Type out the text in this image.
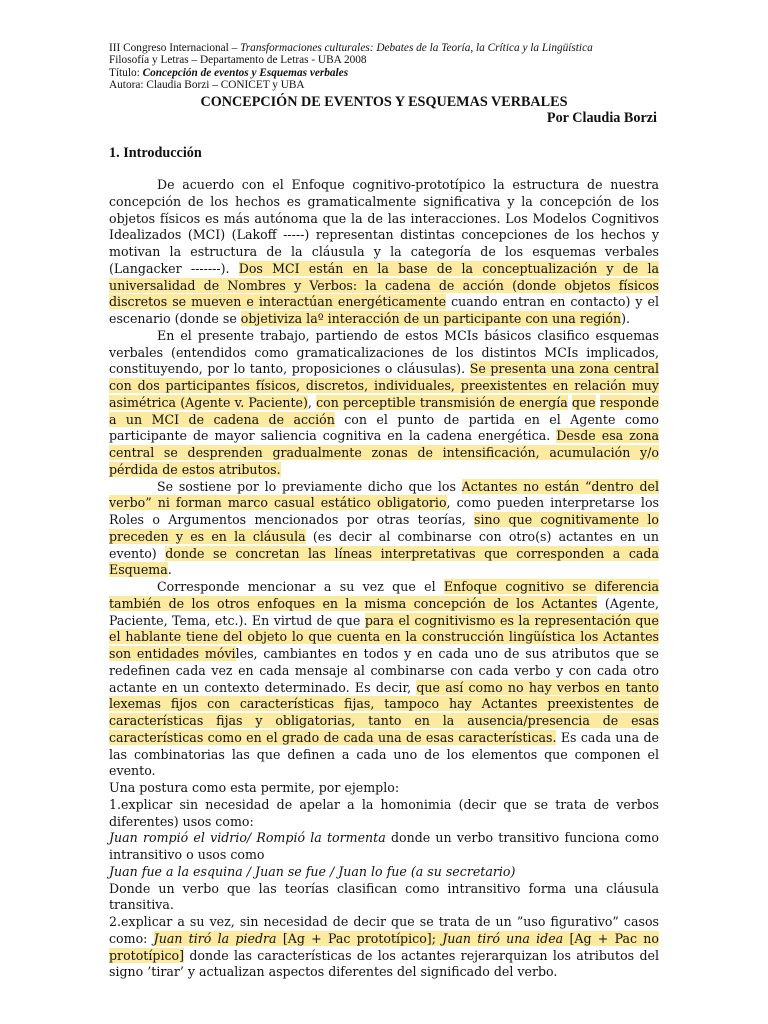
III Congreso Internacional – Transformaciones culturales: Debates de la Teoría, la Crítica y la Lingüística
Filosofía y Letras – Departamento de Letras - UBA 2008
Título: Concepción de eventos y Esquemas verbales
Autora: Claudia Borzi – CONICET y UBA
CONCEPCIÓN DE EVENTOS Y ESQUEMAS VERBALES
Por Claudia Borzi
1. Introducción

De acuerdo con el Enfoque cognitivo-prototípico la estructura de nuestra concepción de los hechos es gramaticalmente significativa y la concepción de los objetos físicos es más autónoma que la de las interacciones. Los Modelos Cognitivos Idealizados (MCI) (Lakoff -----) representan distintas concepciones de los hechos y motivan la estructura de la cláusula y la categoría de los esquemas verbales (Langacker -------). Dos MCI están en la base de la conceptualización y de la universalidad de Nombres y Verbos: la cadena de acción (donde objetos físicos discretos se mueven e interactúan energéticamente cuando entran en contacto) y el escenario (donde se objetiviza laº interacción de un participante con una región).

En el presente trabajo, partiendo de estos MCIs básicos clasifico esquemas verbales (entendidos como gramaticalizaciones de los distintos MCIs implicados, constituyendo, por lo tanto, proposiciones o cláusulas). Se presenta una zona central con dos participantes físicos, discretos, individuales, preexistentes en relación muy asimétrica (Agente v. Paciente), con perceptible transmisión de energía que responde a un MCI de cadena de acción con el punto de partida en el Agente como participante de mayor saliencia cognitiva en la cadena energética. Desde esa zona central se desprenden gradualmente zonas de intensificación, acumulación y/o pérdida de estos atributos.

Se sostiene por lo previamente dicho que los Actantes no están “dentro del verbo” ni forman marco casual estático obligatorio, como pueden interpretarse los Roles o Argumentos mencionados por otras teorías, sino que cognitivamente lo preceden y es en la cláusula (es decir al combinarse con otro(s) actantes en un evento) donde se concretan las líneas interpretativas que corresponden a cada Esquema.

Corresponde mencionar a su vez que el Enfoque cognitivo se diferencia también de los otros enfoques en la misma concepción de los Actantes (Agente, Paciente, Tema, etc.). En virtud de que para el cognitivismo es la representación que el hablante tiene del objeto lo que cuenta en la construcción lingüística los Actantes son entidades móviles, cambiantes en todos y en cada uno de sus atributos que se redefinen cada vez en cada mensaje al combinarse con cada verbo y con cada otro actante en un contexto determinado. Es decir, que así como no hay verbos en tanto lexemas fijos con características fijas, tampoco hay Actantes preexistentes de características fijas y obligatorias, tanto en la ausencia/presencia de esas características como en el grado de cada una de esas características. Es cada una de las combinatorias las que definen a cada uno de los elementos que componen el evento.

Una postura como esta permite, por ejemplo:

1.explicar sin necesidad de apelar a la homonimia (decir que se trata de verbos diferentes) usos como:

Juan rompió el vidrio/ Rompió la tormenta donde un verbo transitivo funciona como intransitivo o usos como

Juan fue a la esquina / Juan se fue / Juan lo fue (a su secretario)

Donde un verbo que las teorías clasifican como intransitivo forma una cláusula transitiva.

2.explicar a su vez, sin necesidad de decir que se trata de un ”uso figurativo” casos como: Juan tiró la piedra [Ag + Pac prototípico]; Juan tiró una idea [Ag + Pac no prototípico] donde las características de los actantes rejerarquizan los atributos del signo ’tirar’ y actualizan aspectos diferentes del significado del verbo.
